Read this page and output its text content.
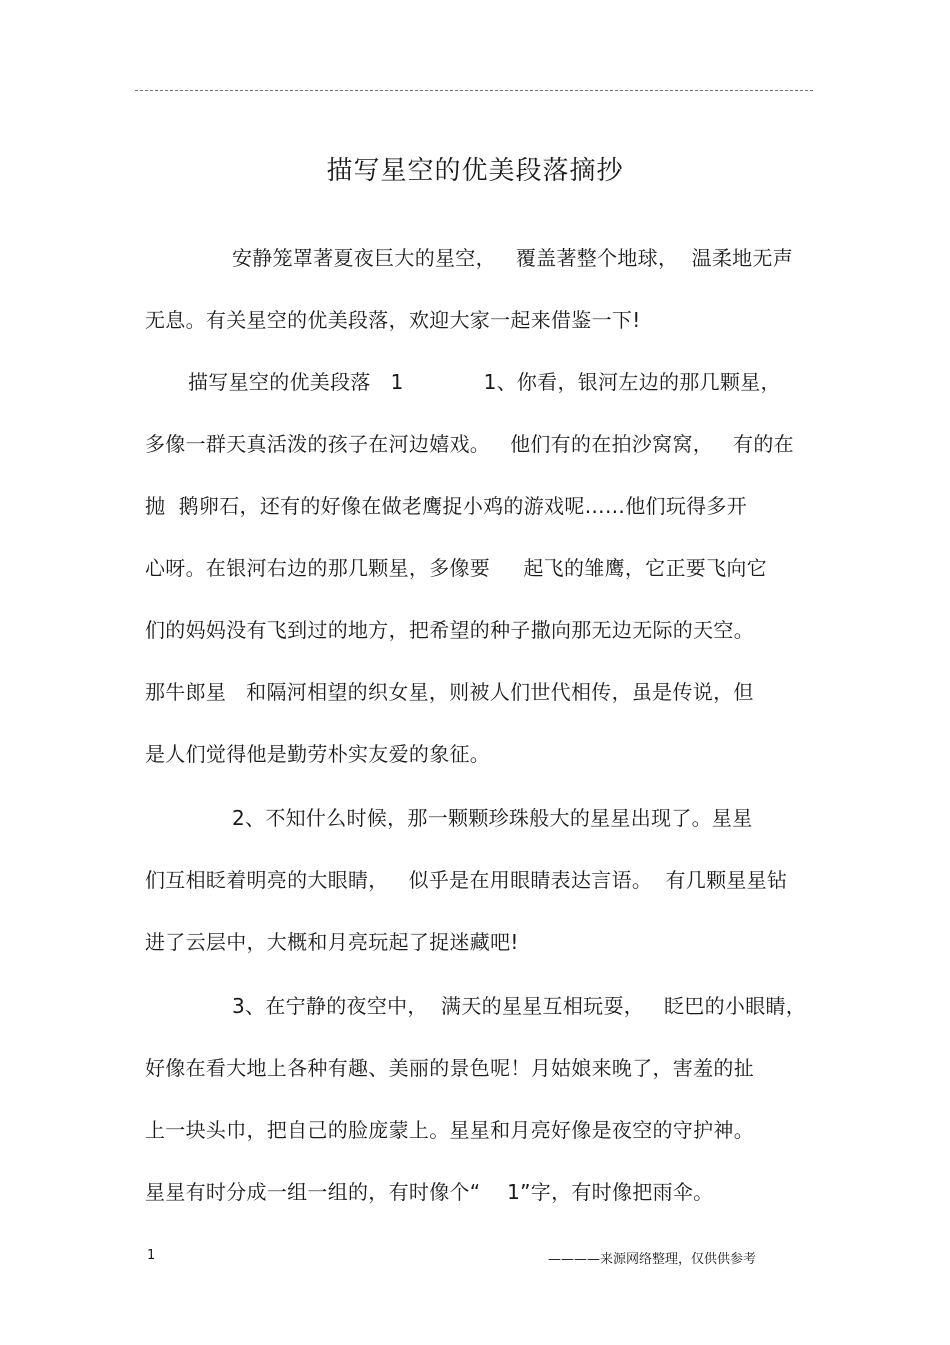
描写星空的优美段落摘抄
安静笼罩著夏夜巨大的星空，   覆盖著整个地球，  温柔地无声
无息。有关星空的优美段落，欢迎大家一起来借鉴一下!
描写星空的优美段落   1            1、你看，银河左边的那几颗星，
多像一群天真活泼的孩子在河边嬉戏。   他们有的在拍沙窝窝，   有的在
抛  鹅卵石，还有的好像在做老鹰捉小鸡的游戏呢……他们玩得多开
心呀。在银河右边的那几颗星，多像要     起飞的雏鹰，它正要飞向它
们的妈妈没有飞到过的地方，把希望的种子撒向那无边无际的天空。
那牛郎星   和隔河相望的织女星，则被人们世代相传，虽是传说，但
是人们觉得他是勤劳朴实友爱的象征。
2、不知什么时候，那一颗颗珍珠般大的星星出现了。星星
们互相眨着明亮的大眼睛，   似乎是在用眼睛表达言语。  有几颗星星钻
进了云层中，大概和月亮玩起了捉迷藏吧!
3、在宁静的夜空中，  满天的星星互相玩耍，   眨巴的小眼睛，
好像在看大地上各种有趣、美丽的景色呢！月姑娘来晚了，害羞的扯
上一块头巾，把自己的脸庞蒙上。星星和月亮好像是夜空的守护神。
星星有时分成一组一组的，有时像个“    1”字，有时像把雨伞。
1	————来源网络整理，仅供供参考
